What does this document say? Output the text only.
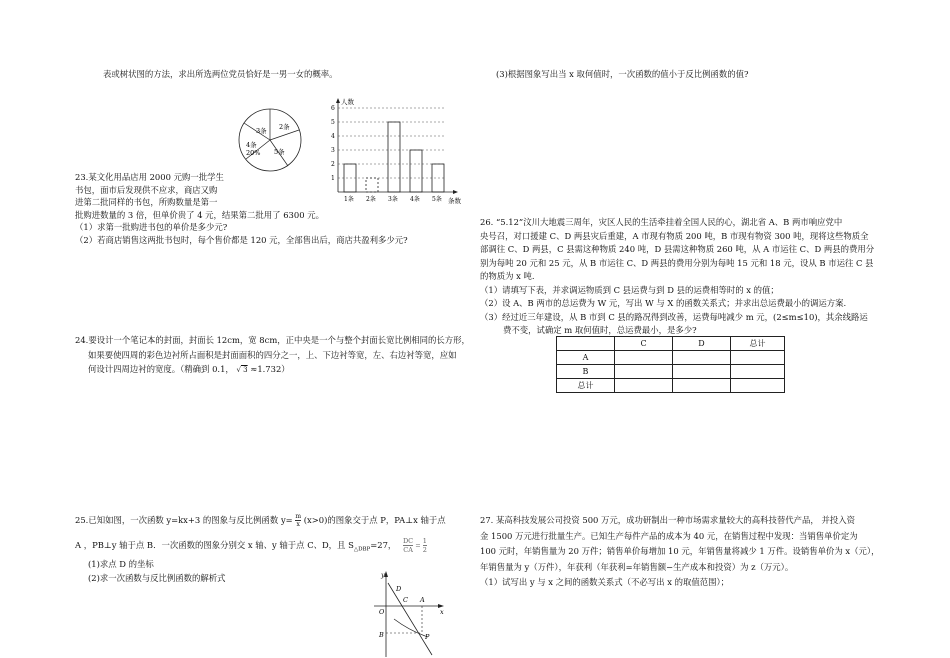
表或树状图的方法，求出所选两位党员恰好是一男一女的概率。
3条 2条
4条
20% 5条
人数
条数
1
2
3
4
5
6
1条 2条 3条 4条 5条

23.某文化用品店用 2000 元购一批学生

书包，面市后发现供不应求，商店又购

进第二批同样的书包，所购数量是第一

批购进数量的 3 倍，但单价贵了 4 元，结果第二批用了 6300 元。

（1）求第一批购进书包的单价是多少元?

（2）若商店销售这两批书包时，每个售价都是 120 元，全部售出后，商店共盈利多少元?

24.要设计一个笔记本的封面，封面长 12cm，宽 8cm，正中央是一个与整个封面长宽比例相同的长方形，

如果要使四周的彩色边衬所占面积是封面面积的四分之一，上、下边衬等宽，左、右边衬等宽，应如

何设计四周边衬的宽度。（精确到 0.1， √ 3 ≈1.732）

25.已知如图，一次函数 y=kx+3 的图象与反比例函数 $y= \frac{m}{x} (x>0)$的图象交于点 P，PA⊥x 轴于点

A ，PB⊥y 轴于点 B．一次函数的图象分别交 x 轴、y 轴于点 C、D，且 $S_{\triangle DBP}=27$， $\frac{DC}{CA} = \frac{1}{2}$

(1)求点 D 的坐标

(2)求一次函数与反比例函数的解析式	y
x
D
C A
O
B	P
(3)根据图象写出当 x 取何值时，一次函数的值小于反比例函数的值?

26. “5.12”汶川大地震三周年，灾区人民的生活牵挂着全国人民的心，湖北省 A、B 两市响应党中

央号召，对口援建 C、D 两县灾后重建，A 市现有物质 200 吨，B 市现有物资 300 吨，现将这些物质全

部调往 C、D 两县，C 县需这种物质 240 吨，D 县需这种物质 260 吨，从 A 市运往 C、D 两县的费用分

别为每吨 20 元和 25 元，从 B 市运往 C、D 两县的费用分别为每吨 15 元和 18 元，设从 B 市运往 C 县

的物质为 x 吨.

（1）请填写下表，并求调运物质到 C 县运费与到 D 县的运费相等时的 x 的值；

（2）设 A、B 两市的总运费为 W 元，写出 W 与 X 的函数关系式；并求出总运费最小的调运方案.

（3）经过近三年建设，从 B 市到 C 县的路况得到改善，运费每吨减少 m 元，(2≤m≤10)，其余线路运

费不变，试确定 m 取何值时，总运费最小，是多少?

	C	D	总计
A			
B			
总计			

27. 某高科技发展公司投资 500 万元，成功研制出一种市场需求量较大的高科技替代产品， 并投入资

金 1500 万元进行批量生产。已知生产每件产品的成本为 40 元，在销售过程中发现：当销售单价定为

100 元时，年销售量为 20 万件；销售单价每增加 10 元，年销售量将减少 1 万件。设销售单价为 x（元），

年销售量为 y（万件），年获利（年获利=年销售额−生产成本和投资）为 z（万元）。

（1）试写出 y 与 x 之间的函数关系式（不必写出 x 的取值范围）；
